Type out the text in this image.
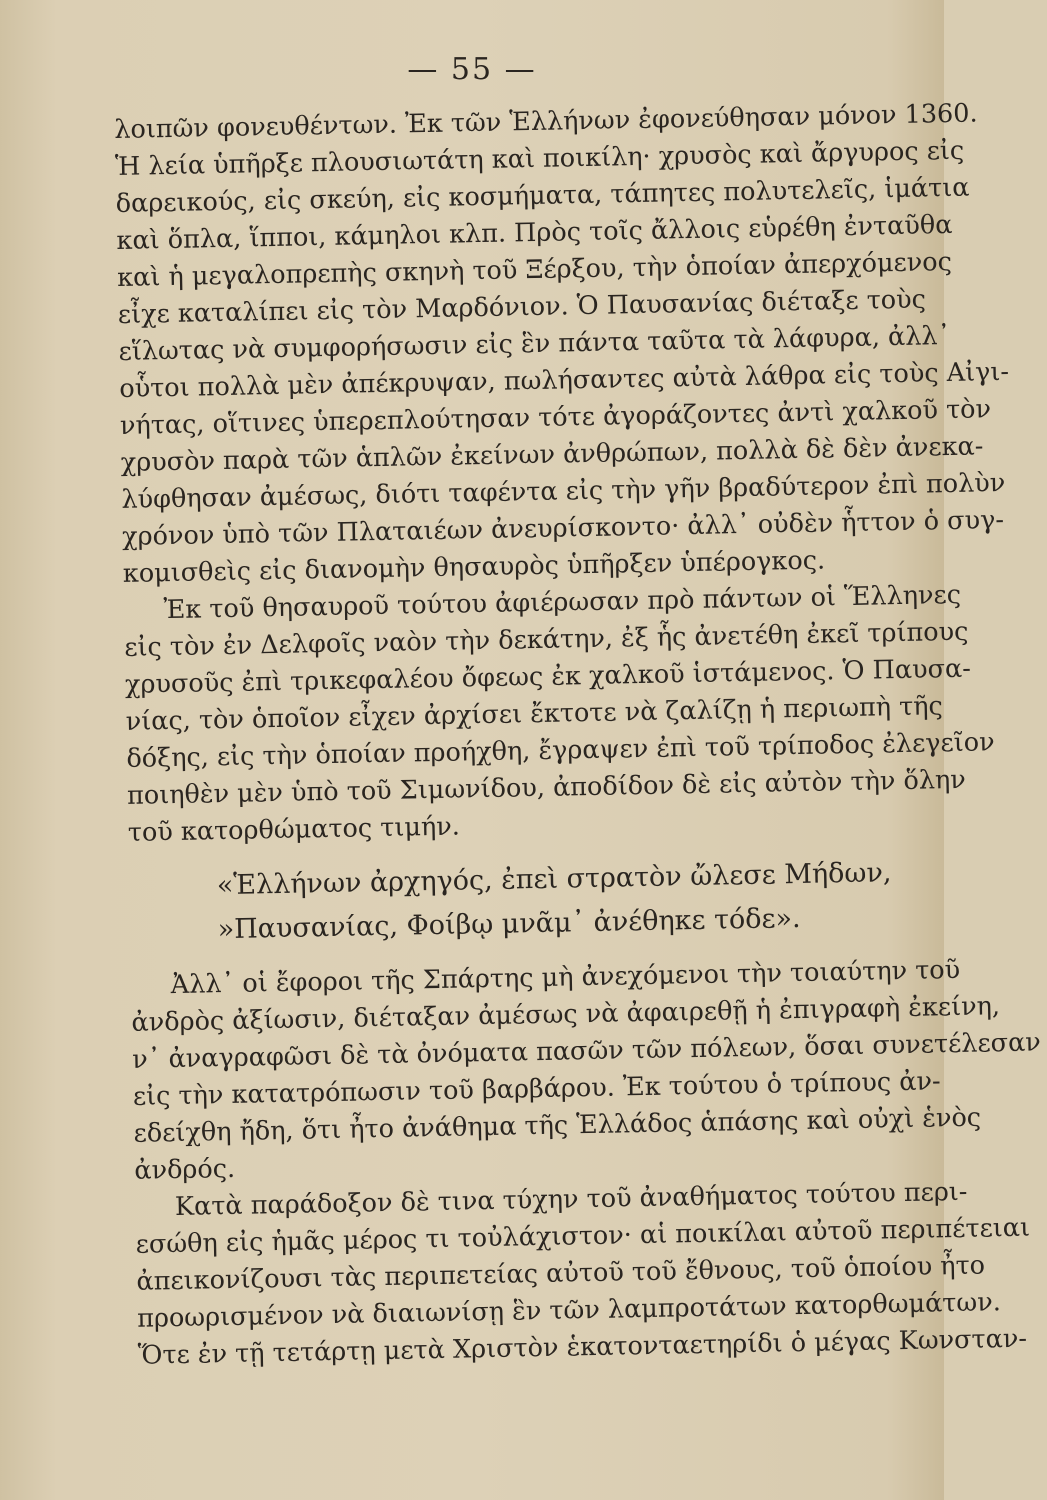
— 55 —
λοιπῶν φονευθέντων. Ἐκ τῶν Ἑλλήνων ἐφονεύθησαν μόνον 1360.
Ἡ λεία ὑπῆρξε πλουσιωτάτη καὶ ποικίλη· χρυσὸς καὶ ἄργυρος εἰς
δαρεικούς, εἰς σκεύη, εἰς κοσμήματα, τάπητες πολυτελεῖς, ἱμάτια
καὶ ὅπλα, ἵπποι, κάμηλοι κλπ. Πρὸς τοῖς ἄλλοις εὑρέθη ἐνταῦθα
καὶ ἡ μεγαλοπρεπὴς σκηνὴ τοῦ Ξέρξου, τὴν ὁποίαν ἀπερχόμενος
εἶχε καταλίπει εἰς τὸν Μαρδόνιον. Ὁ Παυσανίας διέταξε τοὺς
εἵλωτας νὰ συμφορήσωσιν εἰς ἓν πάντα ταῦτα τὰ λάφυρα, ἀλλ᾽
οὗτοι πολλὰ μὲν ἀπέκρυψαν, πωλήσαντες αὐτὰ λάθρα εἰς τοὺς Αἰγι-
νήτας, οἵτινες ὑπερεπλούτησαν τότε ἀγοράζοντες ἀντὶ χαλκοῦ τὸν
χρυσὸν παρὰ τῶν ἁπλῶν ἐκείνων ἀνθρώπων, πολλὰ δὲ δὲν ἀνεκα-
λύφθησαν ἀμέσως, διότι ταφέντα εἰς τὴν γῆν βραδύτερον ἐπὶ πολὺν
χρόνον ὑπὸ τῶν Πλαταιέων ἀνευρίσκοντο· ἀλλ᾽ οὐδὲν ἧττον ὁ συγ-
κομισθεὶς εἰς διανομὴν θησαυρὸς ὑπῆρξεν ὑπέρογκος.
Ἐκ τοῦ θησαυροῦ τούτου ἀφιέρωσαν πρὸ πάντων οἱ Ἕλληνες
εἰς τὸν ἐν Δελφοῖς ναὸν τὴν δεκάτην, ἐξ ἧς ἀνετέθη ἐκεῖ τρίπους
χρυσοῦς ἐπὶ τρικεφαλέου ὄφεως ἐκ χαλκοῦ ἱστάμενος. Ὁ Παυσα-
νίας, τὸν ὁποῖον εἶχεν ἀρχίσει ἔκτοτε νὰ ζαλίζῃ ἡ περιωπὴ τῆς
δόξης, εἰς τὴν ὁποίαν προήχθη, ἔγραψεν ἐπὶ τοῦ τρίποδος ἐλεγεῖον
ποιηθὲν μὲν ὑπὸ τοῦ Σιμωνίδου, ἀποδίδον δὲ εἰς αὐτὸν τὴν ὅλην
τοῦ κατορθώματος τιμήν.
«Ἑλλήνων ἀρχηγός, ἐπεὶ στρατὸν ὤλεσε Μήδων,
»Παυσανίας, Φοίβῳ μνᾶμ᾽ ἀνέθηκε τόδε».
Ἀλλ᾽ οἱ ἔφοροι τῆς Σπάρτης μὴ ἀνεχόμενοι τὴν τοιαύτην τοῦ
ἀνδρὸς ἀξίωσιν, διέταξαν ἀμέσως νὰ ἀφαιρεθῇ ἡ ἐπιγραφὴ ἐκείνη,
ν᾽ ἀναγραφῶσι δὲ τὰ ὀνόματα πασῶν τῶν πόλεων, ὅσαι συνετέλεσαν
εἰς τὴν κατατρόπωσιν τοῦ βαρβάρου. Ἐκ τούτου ὁ τρίπους ἀν-
εδείχθη ἤδη, ὅτι ἦτο ἀνάθημα τῆς Ἑλλάδος ἁπάσης καὶ οὐχὶ ἑνὸς
ἀνδρός.
Κατὰ παράδοξον δὲ τινα τύχην τοῦ ἀναθήματος τούτου περι-
εσώθη εἰς ἡμᾶς μέρος τι τοὐλάχιστον· αἱ ποικίλαι αὐτοῦ περιπέτειαι
ἀπεικονίζουσι τὰς περιπετείας αὐτοῦ τοῦ ἔθνους, τοῦ ὁποίου ἦτο
προωρισμένον νὰ διαιωνίσῃ ἓν τῶν λαμπροτάτων κατορθωμάτων.
Ὅτε ἐν τῇ τετάρτῃ μετὰ Χριστὸν ἑκατονταετηρίδι ὁ μέγας Κωνσταν-
